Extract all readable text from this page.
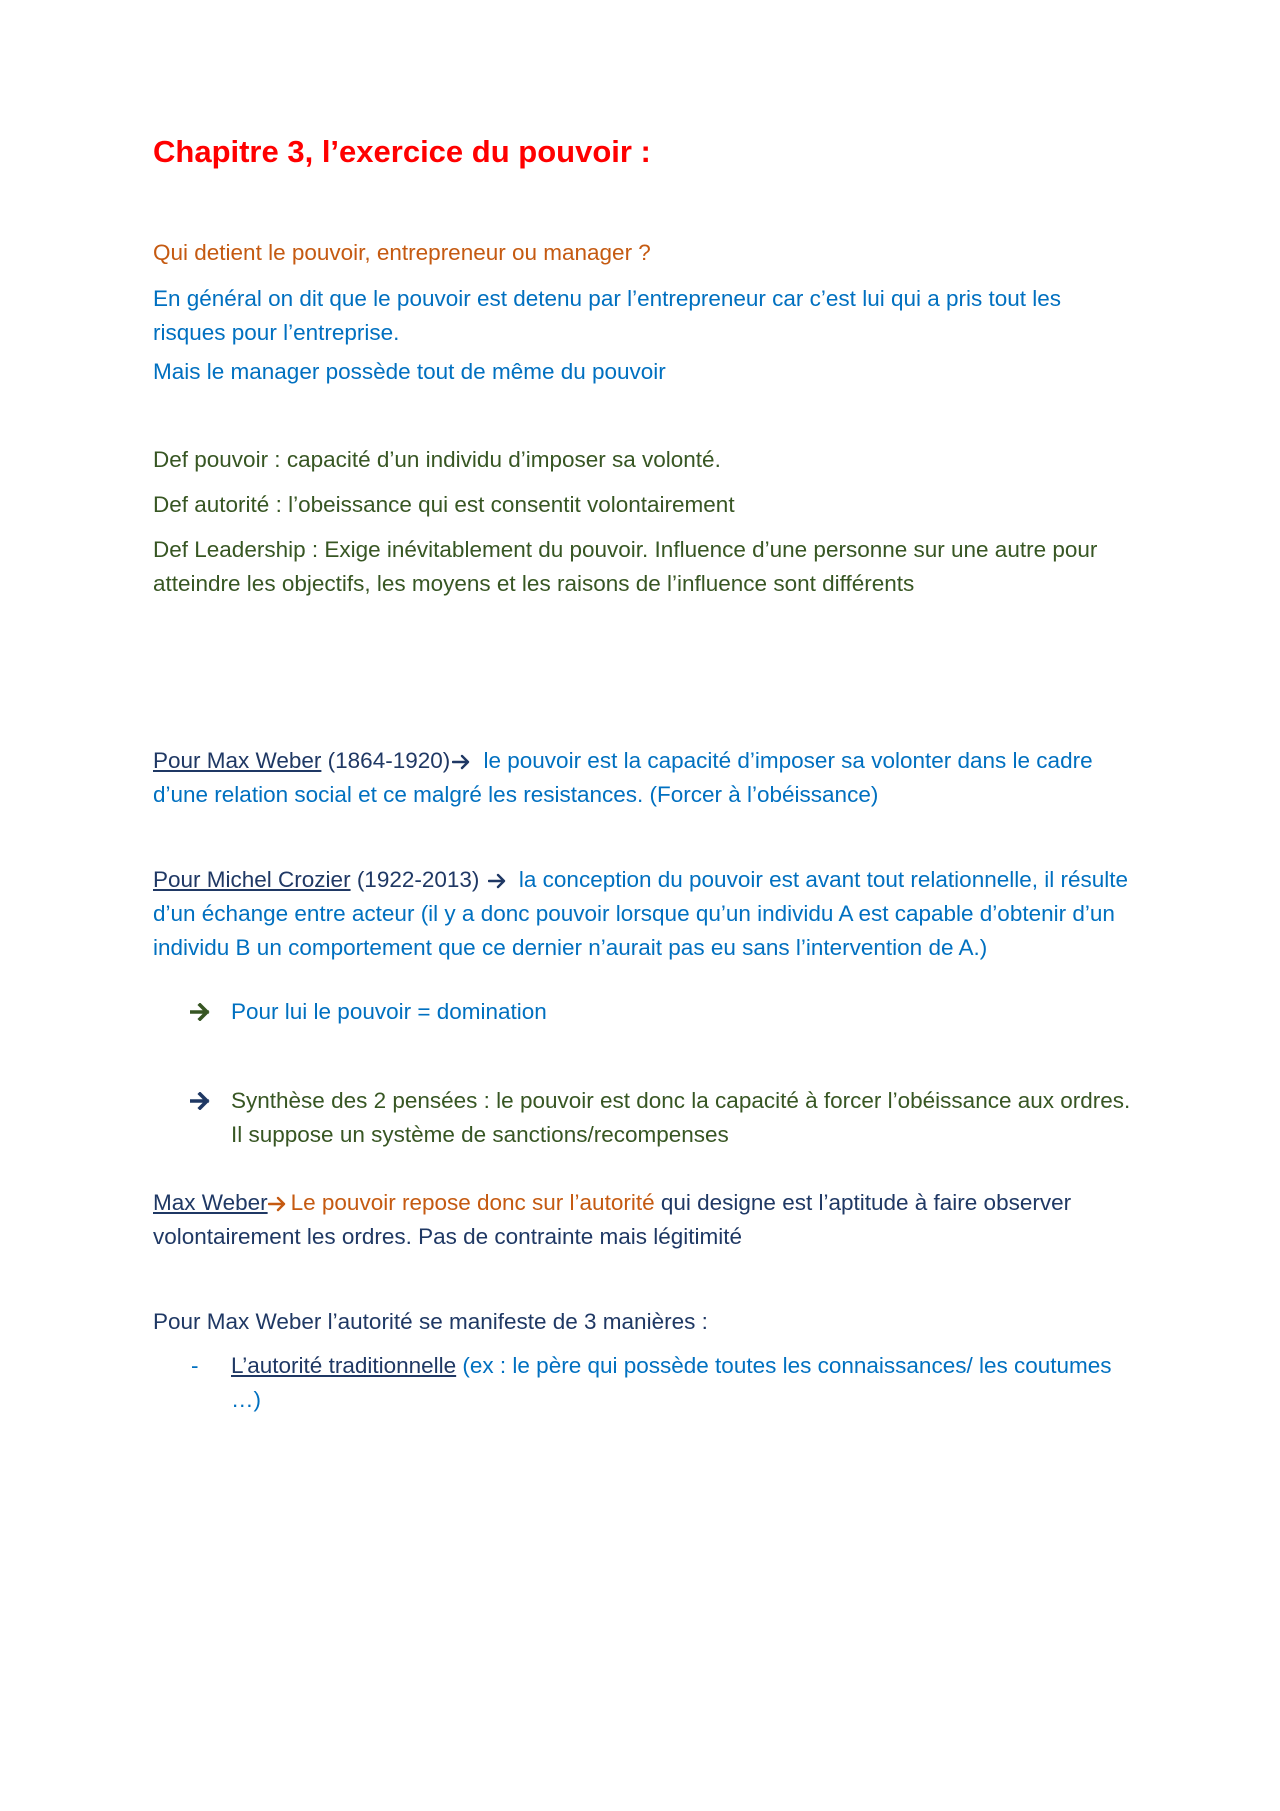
Chapitre 3, l’exercice du pouvoir :

Qui detient le pouvoir, entrepreneur ou manager ?

En général on dit que le pouvoir est detenu par l’entrepreneur car c’est lui qui a pris tout les risques pour l’entreprise.

Mais le manager possède tout de même du pouvoir

Def pouvoir : capacité d’un individu d’imposer sa volonté.

Def autorité : l’obeissance qui est consentit volontairement

Def Leadership : Exige inévitablement du pouvoir. Influence d’une personne sur une autre pour atteindre les objectifs, les moyens et les raisons de l’influence sont différents

Pour Max Weber (1864-1920) le pouvoir est la capacité d’imposer sa volonter dans le cadre d’une relation social et ce malgré les resistances. (Forcer à l’obéissance)

Pour Michel Crozier (1922-2013)  la conception du pouvoir est avant tout relationnelle, il résulte d’un échange entre acteur (il y a donc pouvoir lorsque qu’un individu A est capable d’obtenir d’un individu B un comportement que ce dernier n’aurait pas eu sans l’intervention de A.)

Pour lui le pouvoir = domination

Synthèse des 2 pensées : le pouvoir est donc la capacité à forcer l’obéissance aux ordres. Il suppose un système de sanctions/recompenses

Max Weber Le pouvoir repose donc sur l’autorité qui designe est l’aptitude à faire observer volontairement les ordres. Pas de contrainte mais légitimité

Pour Max Weber l’autorité se manifeste de 3 manières :

- L’autorité traditionnelle (ex : le père qui possède toutes les connaissances/ les coutumes …)
